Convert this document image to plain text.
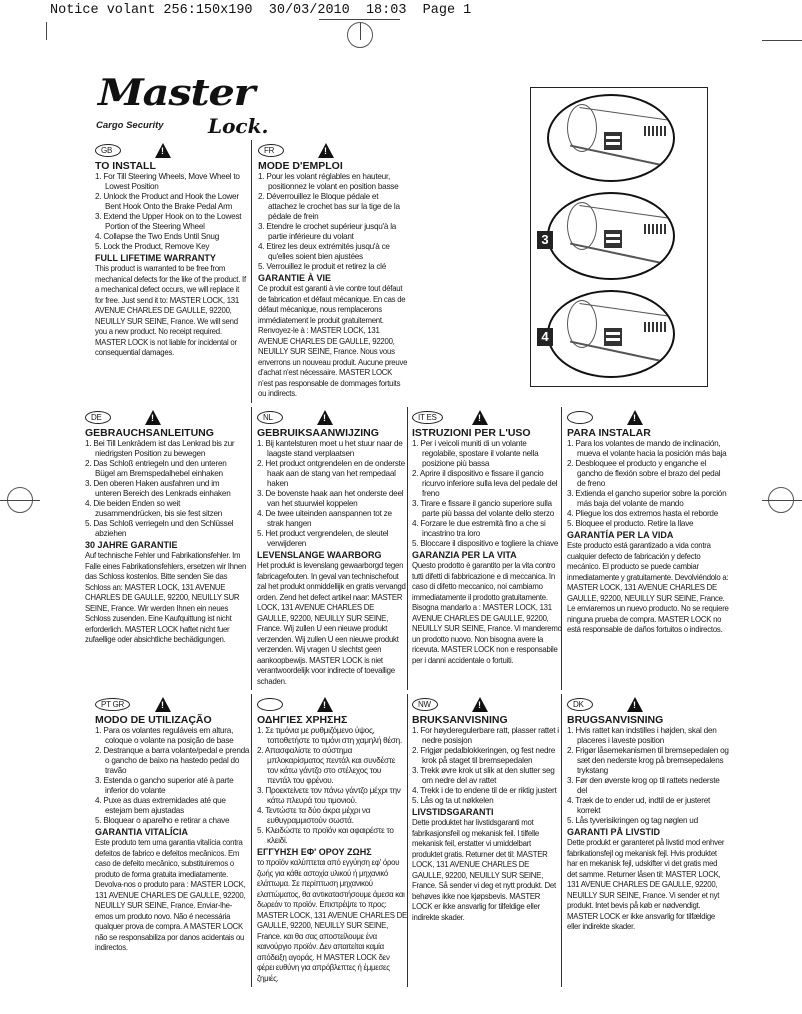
Notice volant 256:150x190  30/03/2010  18:03  Page 1
Master
Cargo Security Lock.
3
4
GB
!
TO INSTALL
1. For Till Steering Wheels, Move Wheel to Lowest Position
2. Unlock the Product and Hook the Lower Bent Hook Onto the Brake Pedal Arm
3. Extend the Upper Hook on to the Lowest Portion of the Steering Wheel
4. Collapse the Two Ends Until Snug
5. Lock the Product, Remove Key
FULL LIFETIME WARRANTY
This product is warranted to be free from mechanical defects for the like of the product. If a mechanical defect occurs, we will replace it for free. Just send it to: MASTER LOCK, 131 AVENUE CHARLES DE GAULLE, 92200, NEUILLY SUR SEINE, France. We will send you a new product. No receipt required. MASTER LOCK is not liable for incidental or consequential damages.
FR
!
MODE D'EMPLOI
1. Pour les volant réglables en hauteur, positionnez le volant en position basse
2. Déverrouillez le Bloque pédale et attachez le crochet bas sur la tige de la pédale de frein
3. Etendre le crochet supérieur jusqu'à la partie inférieure du volant
4. Etirez les deux extrémités jusqu'à ce qu'elles soient bien ajustées
5. Verrouillez le produit et retirez la clé
GARANTIE À VIE
Ce produit est garanti à vie contre tout défaut de fabrication et défaut mécanique. En cas de défaut mécanique, nous remplacerons immédiatement le produit gratuitement. Renvoyez-le à : MASTER LOCK, 131 AVENUE CHARLES DE GAULLE, 92200, NEUILLY SUR SEINE, France. Nous vous enverrons un nouveau produit. Aucune preuve d'achat n'est nécessaire. MASTER LOCK n'est pas responsable de dommages fortuits ou indirects.
DE
!
GEBRAUCHSANLEITUNG
1. Bei Till Lenkrädem ist das Lenkrad bis zur niedrigsten Position zu bewegen
2. Das Schloß entriegeln und den unteren Bügel am Bremspedalhebel einhaken
3. Den oberen Haken ausfahren und im unteren Bereich des Lenkrads einhaken
4. Die beiden Enden so weit zusammendrücken, bis sie fest sitzen
5. Das Schloß verriegeln und den Schlüssel abziehen
30 JAHRE GARANTIE
Auf technische Fehler und Fabrikationsfehler. Im Falle eines Fabrikationsfehlers, ersetzen wir Ihnen das Schloss kostenlos. Bitte senden Sie das Schloss an: MASTER LOCK, 131 AVENUE CHARLES DE GAULLE, 92200, NEUILLY SUR SEINE, France. Wir werden Ihnen ein neues Schloss zusenden. Eine Kaufquittung ist nicht erforderlich. MASTER LOCK haftet nicht fuer zufaellige oder absichtliche bechädigungen.
NL
!
GEBRUIKSAANWIJZING
1. Bij kantelsturen moet u het stuur naar de laagste stand verplaatsen
2. Het product ontgrendelen en de onderste haak aan de stang van het rempedaal haken
3. De bovenste haak aan het onderste deel van het stuurwiel koppelen
4. De twee uiteinden aanspannen tot ze strak hangen
5. Het product vergrendelen, de sleutel verwijderen
LEVENSLANGE WAARBORG
Het produkt is levenslang gewaarborgd tegen fabricagefouten. In geval van technischefout zal het produkt onmiddellijk en gratis vervangd orden. Zend het defect artikel naar: MASTER LOCK, 131 AVENUE CHARLES DE GAULLE, 92200, NEUILLY SUR SEINE, France. Wij zullen U een nieuwe produkt verzenden. Wij zullen U een nieuwe produkt verzenden. Wij vragen U slechtst geen aankoopbewijs. MASTER LOCK is niet verantwoordelijk voor indirecte of toevallige schaden.
IT ES
!
ISTRUZIONI PER L'USO
1. Per i veicoli muniti di un volante regolabile, spostare il volante nella posizione più bassa
2. Aprire il dispositivo e fissare il gancio ricurvo inferiore sulla leva del pedale del freno
3. Tirare e fissare il gancio superiore sulla parte più bassa del volante dello sterzo
4. Forzare le due estremità fino a che si incastrino tra loro
5. Bloccare il dispositivo e togliere la chiave
GARANZIA PER LA VITA
Questo prodotto è garantito per la vita contro tutti difetti di fabbricazione e di meccanica. In caso di difetto meccanico, noi cambiamo immediatamente il prodotto gratuitamente. Bisogna mandarlo a : MASTER LOCK, 131 AVENUE CHARLES DE GAULLE, 92200, NEUILLY SUR SEINE, France. Vi manderemo un prodotto nuovo. Non bisogna avere la ricevuta. MASTER LOCK non e responsabile per i danni accidentale o fortuiti.
!
PARA INSTALAR
1. Para los volantes de mando de inclinación, mueva el volante hacia la posición más baja
2. Desbloquee el producto y enganche el gancho de flexión sobre el brazo del pedal de freno
3. Extienda el gancho superior sobre la porción más baja del volante de mando
4. Pliegue los dos extremos hasta el reborde
5. Bloquee el producto. Retire la llave
GARANTÍA PER LA VIDA
Este producto está garantizado a vida contra cualquier defecto de fabricación y defecto mecánico. El producto se puede cambiar inmediatamente y gratuitamente. Devolviéndolo a: MASTER LOCK, 131 AVENUE CHARLES DE GAULLE, 92200, NEUILLY SUR SEINE, France. Le enviaremos un nuevo producto. No se requiere ninguna prueba de compra. MASTER LOCK no está responsable de daños fortuitos o indirectos.
PT GR
!
MODO DE UTILIZAÇÃO
1. Para os volantes reguláveis em altura, coloque o volante na posição de base
2. Destranque a barra volante/pedal e prenda o gancho de baixo na hastedo pedal do travão
3. Estenda o gancho superior até à parte inferior do volante
4. Puxe as duas extremidades até que estejam bem ajustadas
5. Bloquear o aparelho e retirar a chave
GARANTIA VITALÍCIA
Este produto tem uma garantia vitalícia contra defeitos de fabrico e defeitos mecânicos. Em caso de defeito mecânico, substituiremos o produto de forma gratuita imediatamente. Devolva-nos o produto para : MASTER LOCK, 131 AVENUE CHARLES DE GAULLE, 92200, NEUILLY SUR SEINE, France. Enviar-lhe-emos um produto novo. Não é necessária qualquer prova de compra. A MASTER LOCK não se responsabiliza por danos acidentais ou indirectos.
!
ΟΔΗΓΙΕΣ ΧΡΗΣΗΣ
1. Σε τιμόνια με ρυθμιζόμενο ύψος, τοποθετήστε το τιμόνι στη χαμηλή θέση.
2. Απασφαλίστε το σύστημα μπλοκαρίσματος πεντάλ και συνδέστε τον κάτω γάντζο στο στέλεχος του πεντάλ του φρένου.
3. Προεκτείνετε τον πάνω γάντζο μέχρι την κάτω πλευρά του τιμονιού.
4. Τεντώστε τα δύο άκρα μέχρι να ευθυγραμμιστούν σωστά.
5. Κλειδώστε το προϊόν και αφαιρέστε το κλειδί.
ΕΓΓΥΗΣΗ ΕΦ' ΟΡΟΥ ΖΩΗΣ
το προϊόν καλύπτεται από εγγύηση εφ' όρου ζωής για κάθε αστοχία υλικού ή μηχανικό ελάττωμα. Σε περίπτωση μηχανικού ελαττώματος, θα αντικαταστήσουμε άμεσα και δωρεάν το προϊόν. Επιστρέψτε το προς: MASTER LOCK, 131 AVENUE CHARLES DE GAULLE, 92200, NEUILLY SUR SEINE, France. και θα σας αποστείλουμε ένα καινούργιο προϊόν. Δεν απαιτείται καμία απόδειξη αγοράς. Η MASTER LOCK δεν φέρει ευθύνη για απρόβλεπτες ή έμμεσες ζημιές.
NW
!
BRUKSANVISNING
1. For høyderegulerbare ratt, plasser rattet i nedre posisjon
2. Frigjør pedalblokkeringen, og fest nedre krok på staget til bremsepedalen
3. Trekk øvre krok ut slik at den slutter seg om nedre del av rattet
4. Trekk i de to endene til de er riktig justert
5. Lås og ta ut nøkkelen
LIVSTIDSGARANTI
Dette produktet har livstidsgaranti mot fabrikasjonsfeil og mekanisk feil. I tilfelle mekanisk feil, erstatter vi umiddelbart produktet gratis. Returner det til: MASTER LOCK, 131 AVENUE CHARLES DE GAULLE, 92200, NEUILLY SUR SEINE, France. Så sender vi deg et nytt produkt. Det behøves ikke noe kjøpsbevis. MASTER LOCK er ikke ansvarlig for tilfeldige eller indirekte skader.
DK
!
BRUGSANVISNING
1. Hvis rattet kan indstilles i højden, skal den placeres i laveste position
2. Frigør låsemekanismen til bremsepedalen og sæt den nederste krog på bremsepedalens trykstang
3. Før den øverste krog op til rattets nederste del
4. Træk de to ender ud, indtil de er justeret korrekt
5. Lås tyverisikringen og tag nøglen ud
GARANTI PÅ LIVSTID
Dette produkt er garanteret på livstid mod enhver fabrikationsfejl og mekanisk fejl. Hvis produktet har en mekanisk fejl, udskifter vi det gratis med det samme. Returner låsen til: MASTER LOCK, 131 AVENUE CHARLES DE GAULLE, 92200, NEUILLY SUR SEINE, France. Vi sender et nyt produkt. Intet bevis på køb er nødvendigt. MASTER LOCK er ikke ansvarlig for tilfældige eller indirekte skader.
